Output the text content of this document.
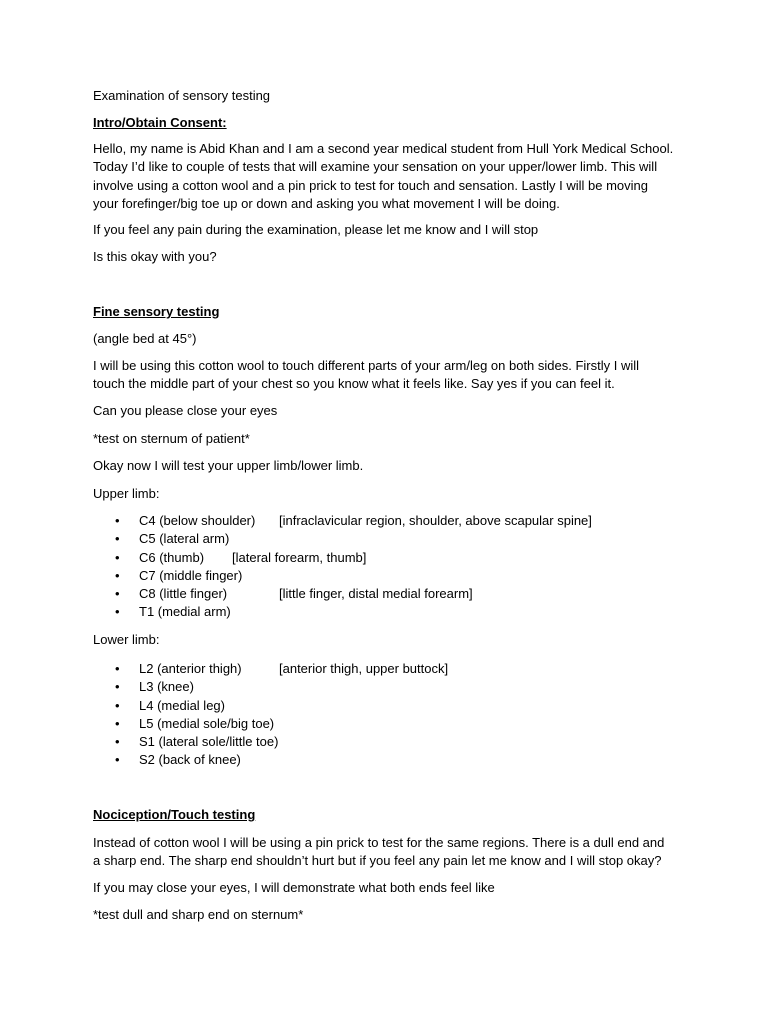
Examination of sensory testing
Intro/Obtain Consent:
Hello, my name is Abid Khan and I am a second year medical student from Hull York Medical School.
Today I’d like to couple of tests that will examine your sensation on your upper/lower limb. This will
involve using a cotton wool and a pin prick to test for touch and sensation. Lastly I will be moving
your forefinger/big toe up or down and asking you what movement I will be doing.
If you feel any pain during the examination, please let me know and I will stop
Is this okay with you?
Fine sensory testing
(angle bed at 45°)
I will be using this cotton wool to touch different parts of your arm/leg on both sides. Firstly I will
touch the middle part of your chest so you know what it feels like. Say yes if you can feel it.
Can you please close your eyes
*test on sternum of patient*
Okay now I will test your upper limb/lower limb.
Upper limb:
• C4 (below shoulder) [infraclavicular region, shoulder, above scapular spine]
• C5 (lateral arm)
• C6 (thumb) [lateral forearm, thumb]
• C7 (middle finger)
• C8 (little finger)	[little finger, distal medial forearm]
• T1 (medial arm)
Lower limb:
• L2 (anterior thigh)	[anterior thigh, upper buttock]
• L3 (knee)
• L4 (medial leg)
• L5 (medial sole/big toe)
• S1 (lateral sole/little toe)
• S2 (back of knee)
Nociception/Touch testing
Instead of cotton wool I will be using a pin prick to test for the same regions. There is a dull end and
a sharp end. The sharp end shouldn’t hurt but if you feel any pain let me know and I will stop okay?
If you may close your eyes, I will demonstrate what both ends feel like
*test dull and sharp end on sternum*
